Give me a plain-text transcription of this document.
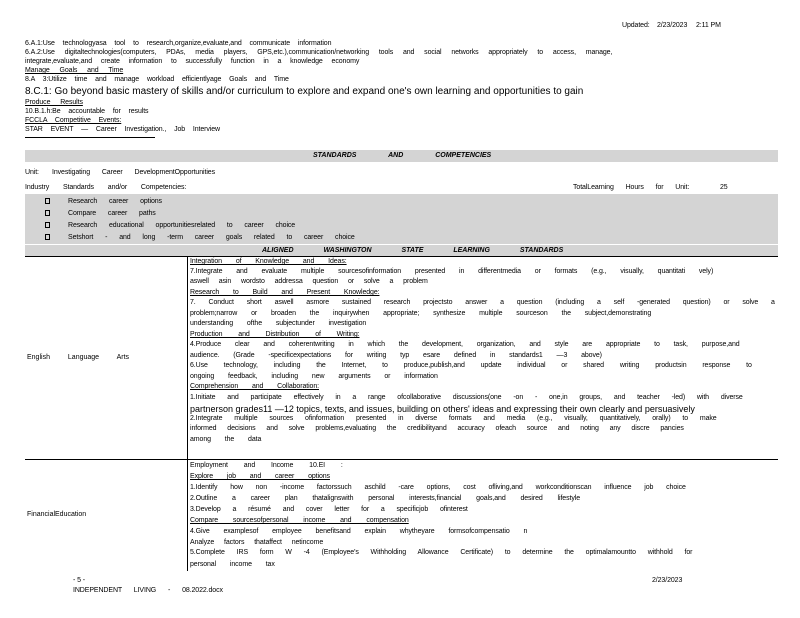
Updated: 2/23/2023 2:11 PM
6.A.1:Use technologyasa tool to research,organize,evaluate,and communicate information
6.A.2:Use digitaltechnologies(computers, PDAs, media players, GPS,etc.),communication/networking tools and social networks appropriately to access, manage,
integrate,evaluate,and create information to successfully function in a knowledge economy
Manage Goals and Time
8.A 3:Utilize time and manage workload efficientlyage Goals and Time
8.C.1: Go beyond basic mastery of skills and/or curriculum to explore and expand one's own learning and opportunities to gain
Produce Results
10.B.1.h:Be accountable for results
FCCLA Competitive Events:
STAR EVENT — Career Investigation., Job Interview
STANDARDS AND COMPETENCIES
Unit: Investigating Career DevelopmentOpportunities
Industry Standards and/or Competencies:	TotalLearning Hours for Unit:	25
Research career options
Compare career paths
Research educational opportunitiesrelated to career choice
Setshort - and long -term career goals related to career choice
ALIGNED WASHINGTON STATE LEARNING STANDARDS
English Language Arts
Integration of Knowledge and Ideas:
7.Integrate and evaluate multiple sourcesofinformation presented in differentmedia or formats (e.g., visually, quantitati vely)
aswell asin wordsto addressa question or solve a problem
Research to Build and Present Knowledge:
7. Conduct short aswell asmore sustained research projectsto answer a question (including a self -generated question) or solve a
problem;narrow or broaden the inquirywhen appropriate; synthesize multiple sourceson the subject,demonstrating
understanding ofthe subjectunder investigation
Production and Distribution of Writing:
4.Produce clear and coherentwriting in which the development, organization, and style are appropriate to task, purpose,and
audience. (Grade -specificexpectations for writing typ esare defined in standards1 —3 above)
6.Use technology, including the Internet, to produce,publish,and update individual or shared writing productsin response to
ongoing feedback, including new arguments or information
Comprehension and Collaboration:
1.Initiate and participate effectively in a range ofcollaborative discussions(one -on - one,in groups, and teacher -led) with diverse
partnerson grades11 —12 topics, texts, and issues, building on others' ideas and expressing their own clearly and persuasively
2.Integrate multiple sources ofinformation presented in diverse formats and media (e.g., visually, quantitatively, orally) to make
informed decisions and solve problems,evaluating the credibilityand accuracy ofeach source and noting any discre pancies
among the data
FinancialEducation
Employment and Income 10.EI :
Explore job and career options
1.Identify how non -income factorssuch aschild -care options, cost ofliving,and workconditionscan influence job choice
2.Outline a career plan thatalignswith personal interests,financial goals,and desired lifestyle
3.Develop a résumé and cover letter for a specificjob ofinterest
Compare sourcesofpersonal income and compensation
4.Give examplesof employee benefitsand explain whytheyare formsofcompensatio n
Analyze factors thataffect netincome
5.Complete IRS form W -4 (Employee's Withholding Allowance Certificate) to determine the optimalamountto withhold for
personal income tax
- 5 -
INDEPENDENT LIVING - 08.2022.docx
2/23/2023
